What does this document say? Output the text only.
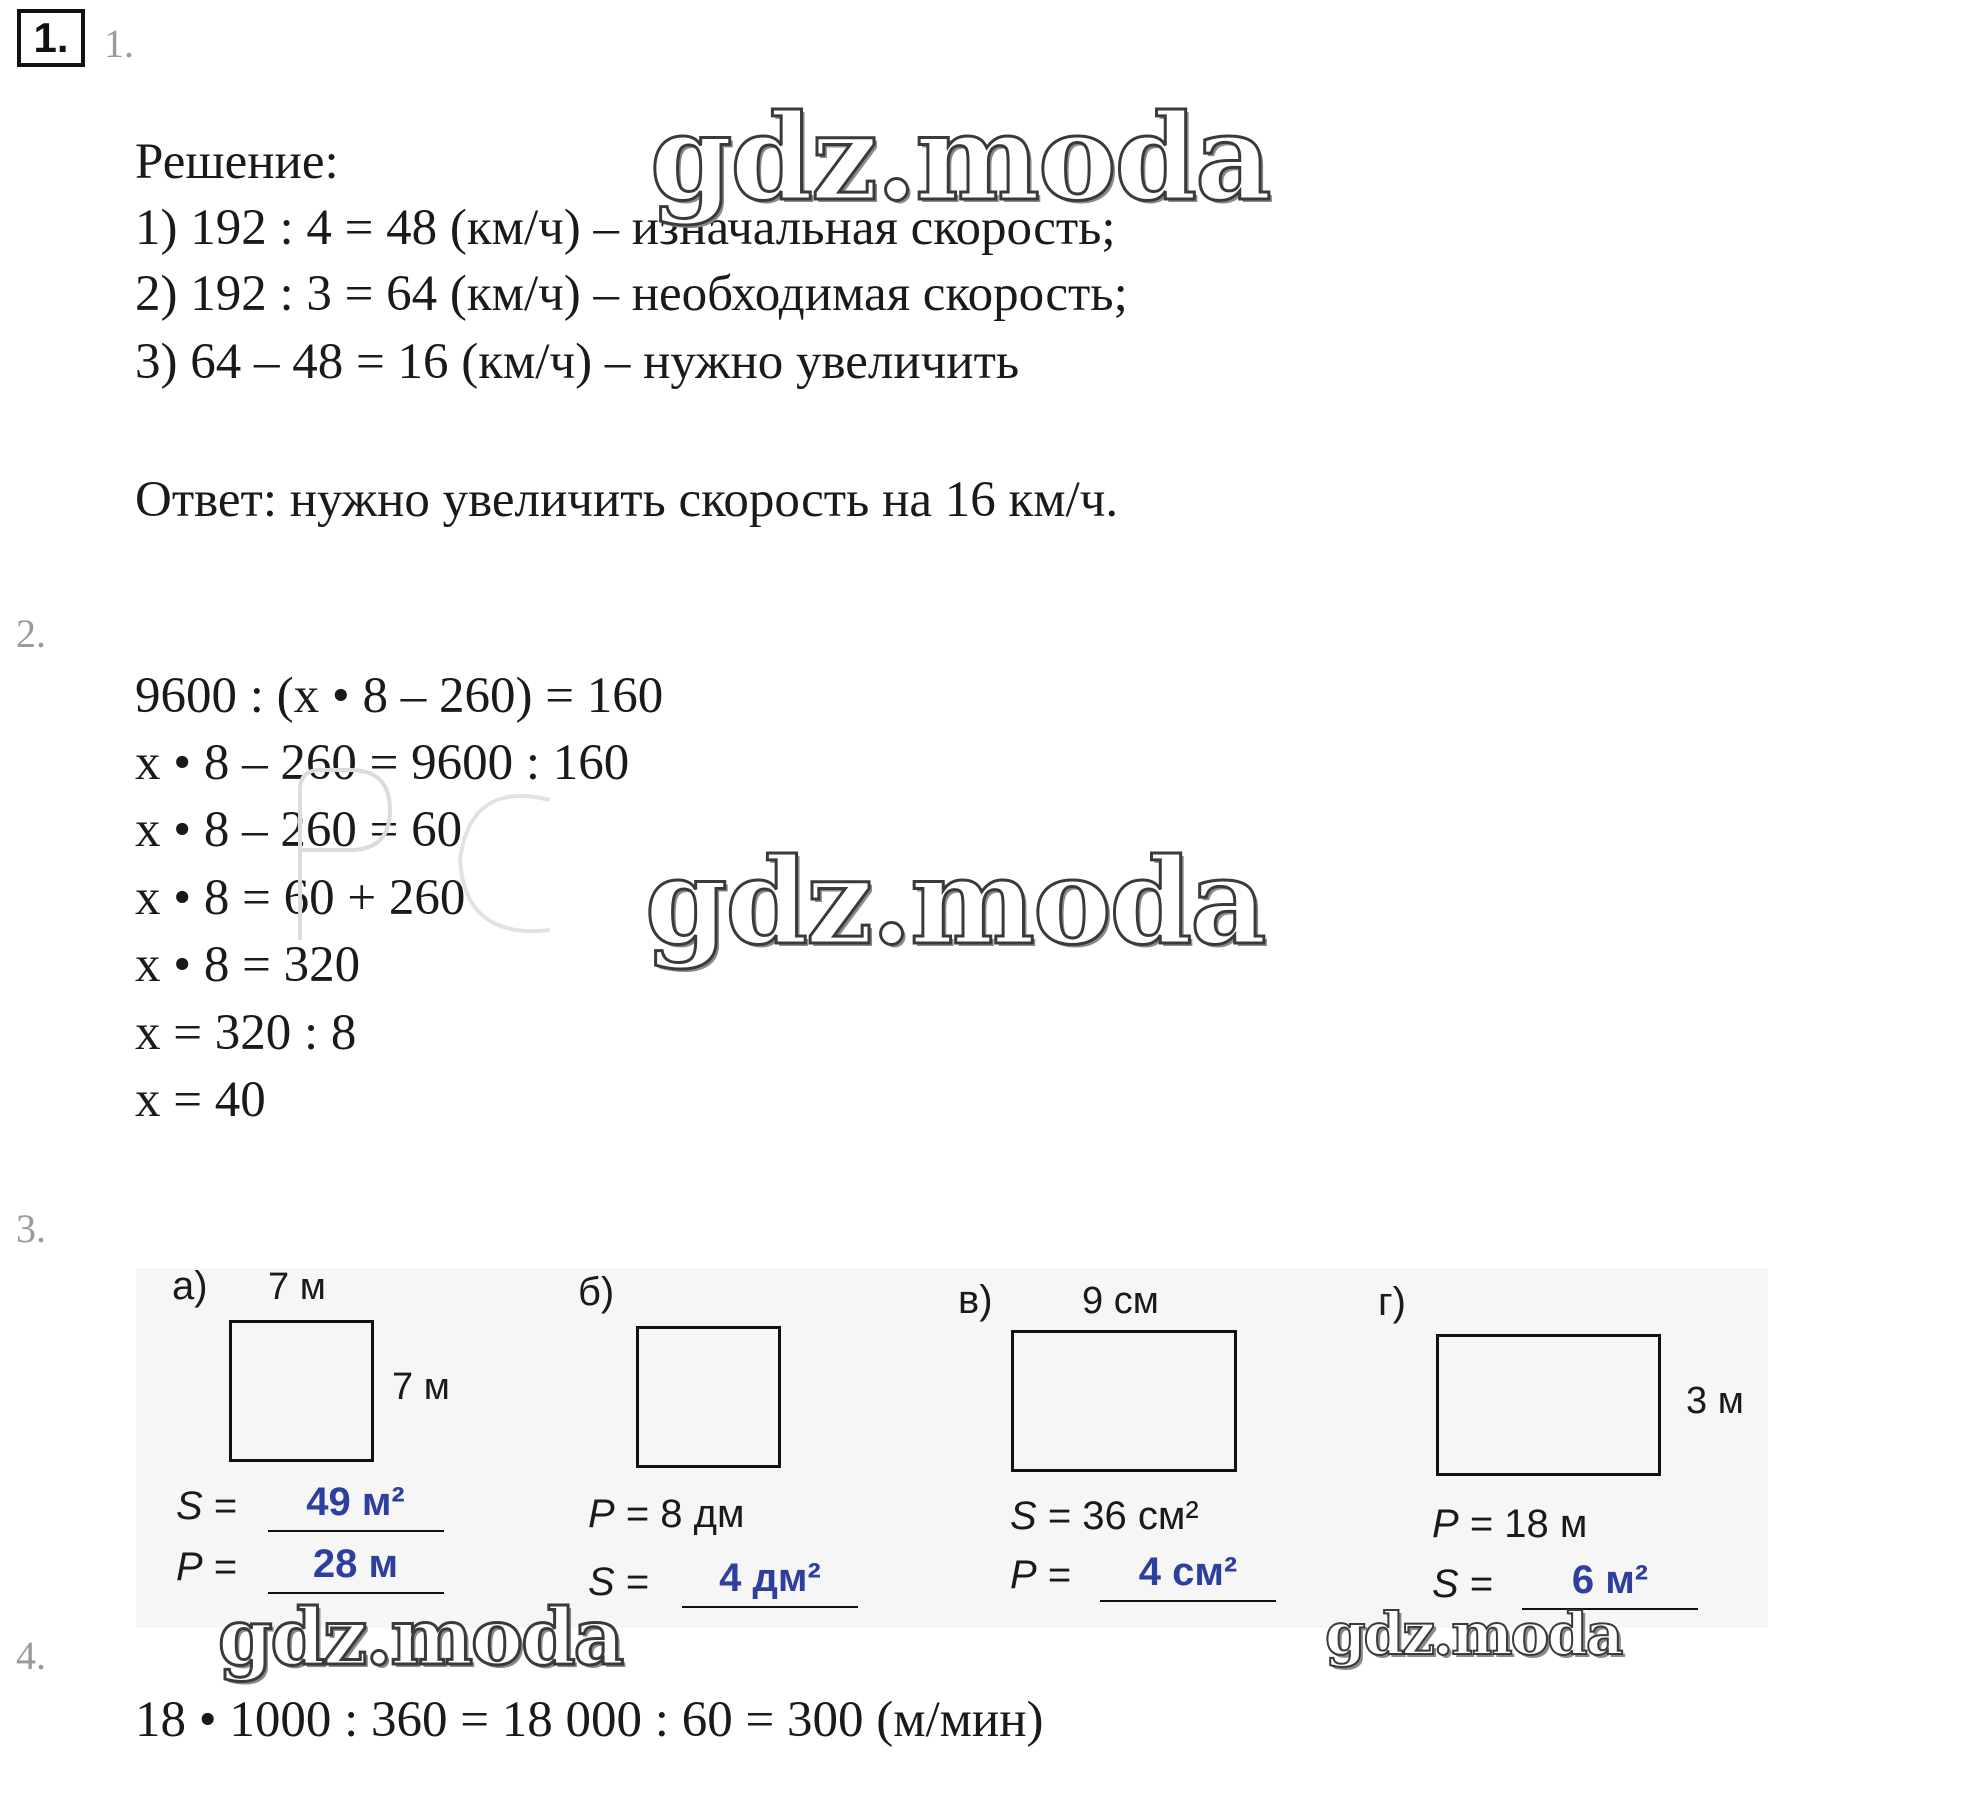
1. 1.
Решение:
1) 192 : 4 = 48 (км/ч) – изначальная скорость;
2) 192 : 3 = 64 (км/ч) – необходимая скорость;
3) 64 – 48 = 16 (км/ч) – нужно увеличить
Ответ: нужно увеличить скорость на 16 км/ч.
gdz.moda
2.
9600 : (x • 8 – 260) = 160
x • 8 – 260 = 9600 : 160
x • 8 – 260 = 60
x • 8 = 60 + 260
x • 8 = 320
x = 320 : 8
x = 40
gdz.moda
3.
а) 7 м
7 м
S =	49 м²
P =	28 м
б)
P = 8 дм
S =	4 дм²
в) 9 см
S = 36 см²
P =	4 см²
г)
3 м
P = 18 м
S =	6 м²
gdz.moda	gdz.moda
4.
18 • 1000 : 360 = 18 000 : 60 = 300 (м/мин)
